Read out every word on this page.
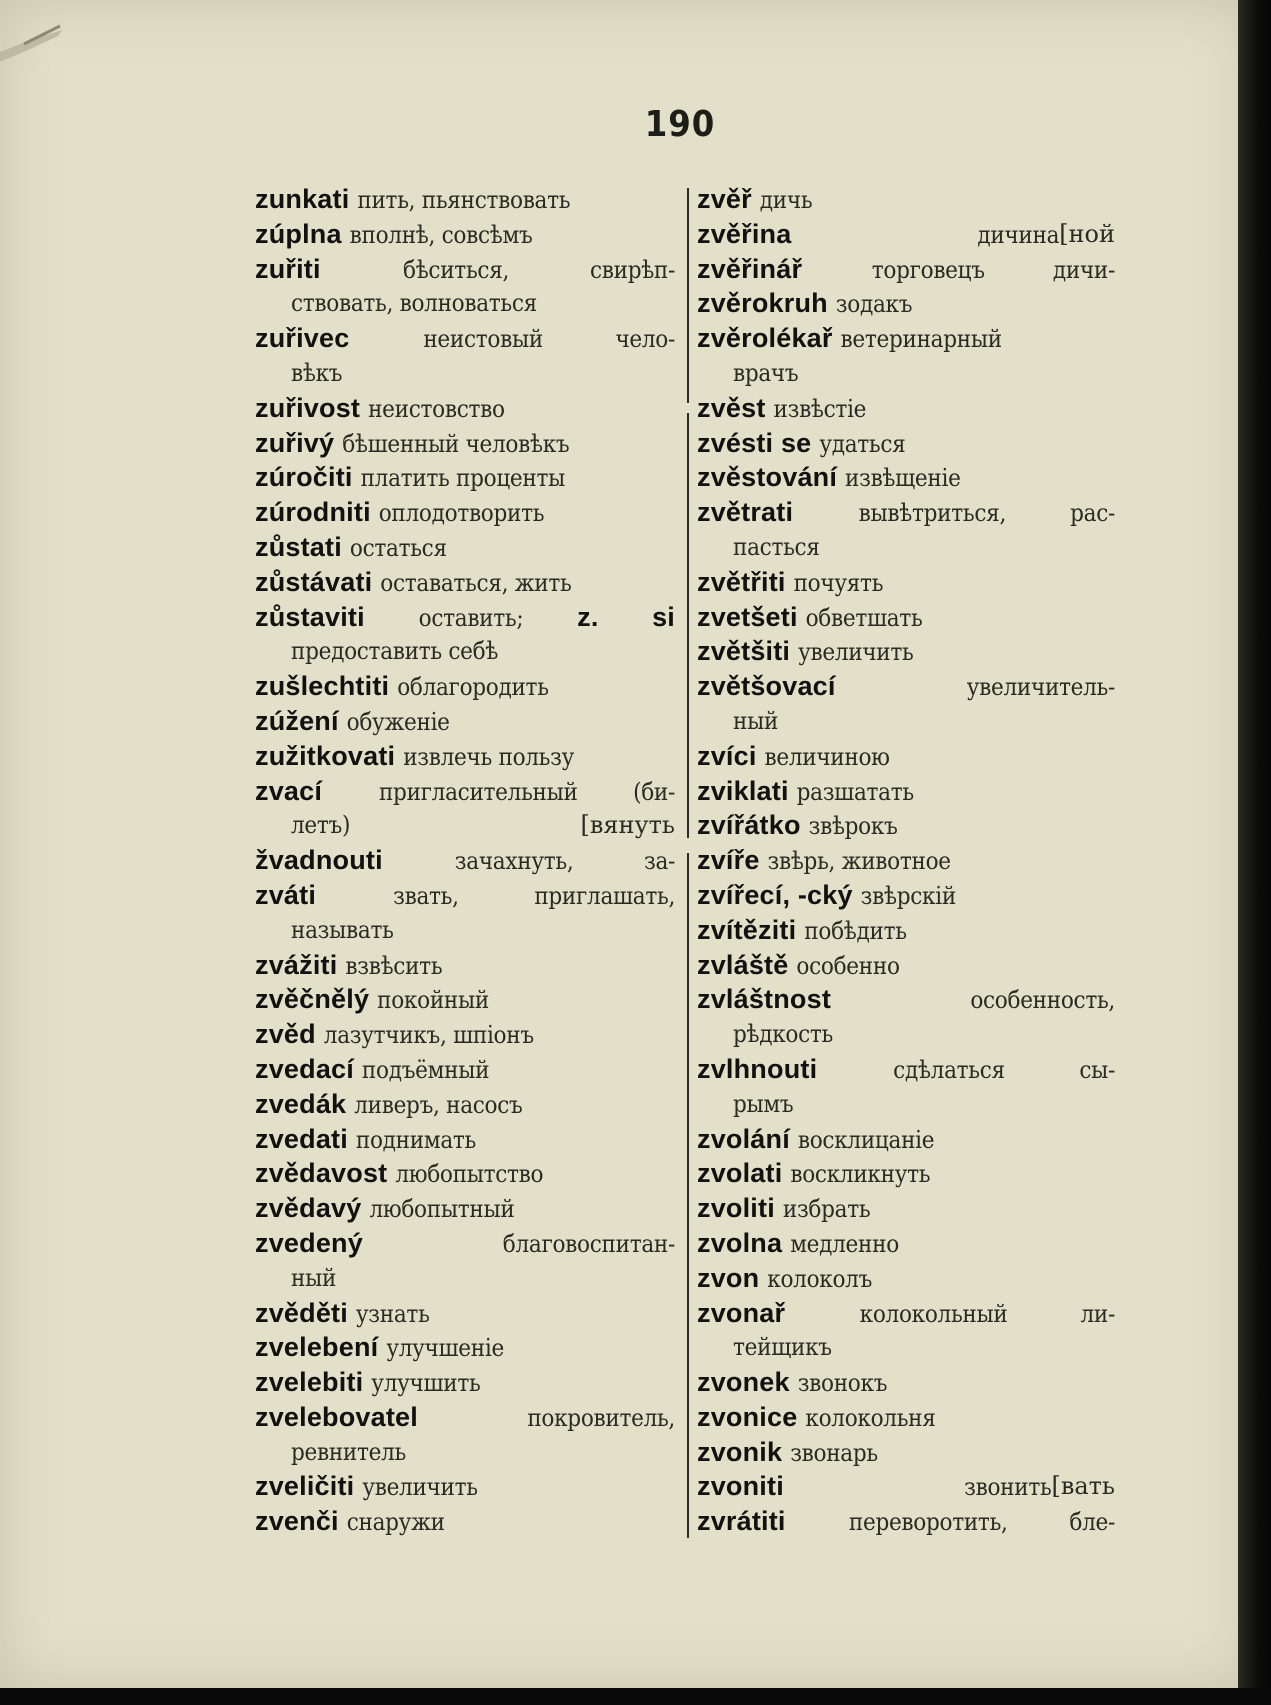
190
zunkati пить, пьянствовать
zúplna вполнѣ, совсѣмъ
zuřiti	бѣситься, свирѣп-
ствовать, волноваться
zuřivec	неистовый чело-
вѣкъ
zuřivost неистовство
zuřivý бѣшенный человѣкъ
zúročiti платить проценты
zúrodniti оплодотворить
zůstati остаться
zůstávati оставаться, жить
zůstaviti оставить; z. si
предоставить себѣ
zušlechtiti облагородить
zúžení обуженіе
zužitkovati извлечь пользу
zvací пригласительный (би-
[вянуть
летъ)
žvadnouti	зачахнуть, за-
zváti	звать, приглашать,
называть
zvážiti взвѣсить
zvěčnělý покойный
zvěd лазутчикъ, шпіонъ
zvedací подъёмный
zvedák ливеръ, насосъ
zvedati поднимать
zvědavost любопытство
zvědavý любопытный
zvedený	благовоспитан-
ный
zvěděti узнать
zvelebení улучшеніе
zvelebiti улучшить
zvelebovatel	покровитель,
ревнитель
zveličiti увеличить
zvenči снаружи
zvěř дичь
[ной
zvěřina	дичина
zvěřinář	торговецъ дичи-
zvěrokruh зодакъ
zvěrolékař ветеринарный
врачъ
zvěst извѣстіе
zvésti se удаться
zvěstování извѣщеніе
zvětrati	вывѣтриться, рас-
пасться
zvětřiti почуять
zvetšeti обветшать
zvětšiti увеличить
zvětšovací	увеличитель-
ный
zvíci величиною
zviklati разшатать
zvířátko звѣрокъ
zvíře звѣрь, животное
zvířecí, -cký звѣрскій
zvítěziti побѣдить
zvláště особенно
zvláštnost	особенность,
рѣдкость
zvlhnouti	сдѣлаться сы-
рымъ
zvolání восклицаніе
zvolati воскликнуть
zvoliti избрать
zvolna медленно
zvon колоколъ
zvonař	колокольный ли-
тейщикъ
zvonek звонокъ
zvonice колокольня
zvonik звонарь
[вать
zvoniti	звонить
zvrátiti	переворотить, бле-
